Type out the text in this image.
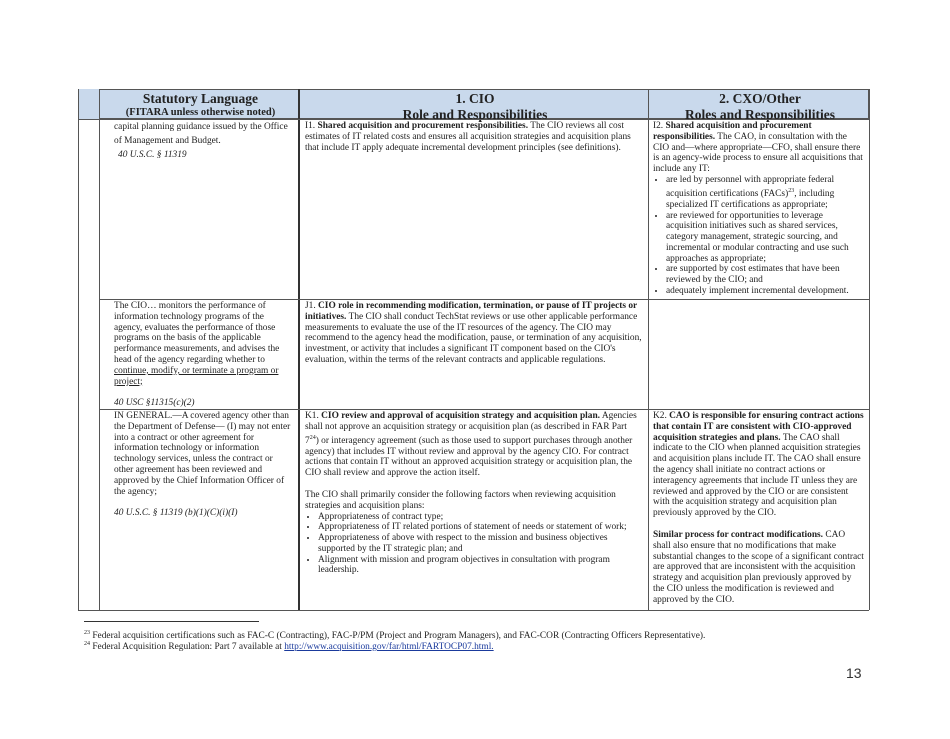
Statutory Language
(FITARA unless otherwise noted)
1. CIO
Role and Responsibilities
2. CXO/Other
Roles and Responsibilities

capital planning guidance issued by the Office

of Management and Budget.

40 U.S.C. § 11319

I1. Shared acquisition and procurement responsibilities. The CIO reviews all cost estimates of IT related costs and ensures all acquisition strategies and acquisition plans that include IT apply adequate incremental development principles (see definitions).

I2. Shared acquisition and procurement responsibilities. The CAO, in consultation with the CIO and—where appropriate—CFO, shall ensure there is an agency-wide process to ensure all acquisitions that include any IT:

• are led by personnel with appropriate federal acquisition certifications (FACs)$^{23}$, including specialized IT certifications as appropriate;
• are reviewed for opportunities to leverage acquisition initiatives such as shared services, category management, strategic sourcing, and incremental or modular contracting and use such approaches as appropriate;
• are supported by cost estimates that have been reviewed by the CIO; and
• adequately implement incremental development.

The CIO… monitors the performance of information technology programs of the agency, evaluates the performance of those programs on the basis of the applicable performance measurements, and advises the head of the agency regarding whether to continue, modify, or terminate a program or project;

40 USC §11315(c)(2)

J1. CIO role in recommending modification, termination, or pause of IT projects or initiatives. The CIO shall conduct TechStat reviews or use other applicable performance measurements to evaluate the use of the IT resources of the agency. The CIO may recommend to the agency head the modification, pause, or termination of any acquisition, investment, or activity that includes a significant IT component based on the CIO's evaluation, within the terms of the relevant contracts and applicable regulations.

IN GENERAL.—A covered agency other than the Department of Defense— (I) may not enter into a contract or other agreement for information technology or information technology services, unless the contract or other agreement has been reviewed and approved by the Chief Information Officer of the agency;

40 U.S.C. § 11319 (b)(1)(C)(i)(I)

K1. CIO review and approval of acquisition strategy and acquisition plan. Agencies shall not approve an acquisition strategy or acquisition plan (as described in FAR Part $7^{24}$) or interagency agreement (such as those used to support purchases through another agency) that includes IT without review and approval by the agency CIO. For contract actions that contain IT without an approved acquisition strategy or acquisition plan, the CIO shall review and approve the action itself.

The CIO shall primarily consider the following factors when reviewing acquisition strategies and acquisition plans:

• Appropriateness of contract type;
• Appropriateness of IT related portions of statement of needs or statement of work;
• Appropriateness of above with respect to the mission and business objectives supported by the IT strategic plan; and
• Alignment with mission and program objectives in consultation with program leadership.

K2. CAO is responsible for ensuring contract actions that contain IT are consistent with CIO-approved acquisition strategies and plans. The CAO shall indicate to the CIO when planned acquisition strategies and acquisition plans include IT. The CAO shall ensure the agency shall initiate no contract actions or interagency agreements that include IT unless they are reviewed and approved by the CIO or are consistent with the acquisition strategy and acquisition plan previously approved by the CIO.

Similar process for contract modifications. CAO shall also ensure that no modifications that make substantial changes to the scope of a significant contract are approved that are inconsistent with the acquisition strategy and acquisition plan previously approved by the CIO unless the modification is reviewed and approved by the CIO.

$^{23}$ Federal acquisition certifications such as FAC-C (Contracting), FAC-P/PM (Project and Program Managers), and FAC-COR (Contracting Officers Representative).
$^{24}$ Federal Acquisition Regulation: Part 7 available at http://www.acquisition.gov/far/html/FARTOCP07.html.
13
